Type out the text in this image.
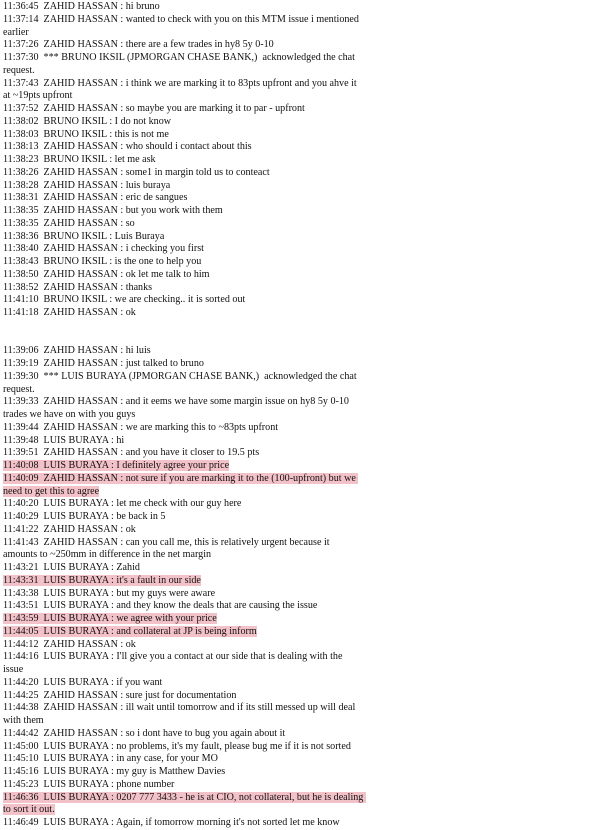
11:36:45  ZAHID HASSAN : hi bruno
11:37:14  ZAHID HASSAN : wanted to check with you on this MTM issue i mentioned earlier
11:37:26  ZAHID HASSAN : there are a few trades in hy8 5y 0-10
11:37:30  *** BRUNO IKSIL (JPMORGAN CHASE BANK,)  acknowledged the chat request.
11:37:43  ZAHID HASSAN : i think we are marking it to 83pts upfront and you ahve it at ~19pts upfront
11:37:52  ZAHID HASSAN : so maybe you are marking it to par - upfront
11:38:02  BRUNO IKSIL : I do not know
11:38:03  BRUNO IKSIL : this is not me
11:38:13  ZAHID HASSAN : who should i contact about this
11:38:23  BRUNO IKSIL : let me ask
11:38:26  ZAHID HASSAN : some1 in margin told us to conteact
11:38:28  ZAHID HASSAN : luis buraya
11:38:31  ZAHID HASSAN : eric de sangues
11:38:35  ZAHID HASSAN : but you work with them
11:38:35  ZAHID HASSAN : so
11:38:36  BRUNO IKSIL : Luis Buraya
11:38:40  ZAHID HASSAN : i checking you first
11:38:43  BRUNO IKSIL : is the one to help you
11:38:50  ZAHID HASSAN : ok let me talk to him
11:38:52  ZAHID HASSAN : thanks
11:41:10  BRUNO IKSIL : we are checking.. it is sorted out
11:41:18  ZAHID HASSAN : ok
11:39:06  ZAHID HASSAN : hi luis
11:39:19  ZAHID HASSAN : just talked to bruno
11:39:30  *** LUIS BURAYA (JPMORGAN CHASE BANK,)  acknowledged the chat request.
11:39:33  ZAHID HASSAN : and it eems we have some margin issue on hy8 5y 0-10 trades we have on with you guys
11:39:44  ZAHID HASSAN : we are marking this to ~83pts upfront
11:39:48  LUIS BURAYA : hi
11:39:51  ZAHID HASSAN : and you have it closer to 19.5 pts
11:40:08  LUIS BURAYA : I definitely agree your price
11:40:09  ZAHID HASSAN : not sure if you are marking it to the (100-upfront) but we need to get this to agree
11:40:20  LUIS BURAYA : let me check with our guy here
11:40:29  LUIS BURAYA : be back in 5
11:41:22  ZAHID HASSAN : ok
11:41:43  ZAHID HASSAN : can you call me, this is relatively urgent because it amounts to ~250mm in difference in the net margin
11:43:21  LUIS BURAYA : Zahid
11:43:31  LUIS BURAYA : it's a fault in our side
11:43:38  LUIS BURAYA : but my guys were aware
11:43:51  LUIS BURAYA : and they know the deals that are causing the issue
11:43:59  LUIS BURAYA : we agree with your price
11:44:05  LUIS BURAYA : and collateral at JP is being inform
11:44:12  ZAHID HASSAN : ok
11:44:16  LUIS BURAYA : I'll give you a contact at our side that is dealing with the issue
11:44:20  LUIS BURAYA : if you want
11:44:25  ZAHID HASSAN : sure just for documentation
11:44:38  ZAHID HASSAN : ill wait until tomorrow and if its still messed up will deal with them
11:44:42  ZAHID HASSAN : so i dont have to bug you again about it
11:45:00  LUIS BURAYA : no problems, it's my fault, please bug me if it is not sorted
11:45:10  LUIS BURAYA : in any case, for your MO
11:45:16  LUIS BURAYA : my guy is Matthew Davies
11:45:23  LUIS BURAYA : phone number
11:46:36  LUIS BURAYA : 0207 777 3433 - he is at CIO, not collateral, but he is dealing to sort it out.
11:46:49  LUIS BURAYA : Again, if tomorrow morning it's not sorted let me know
